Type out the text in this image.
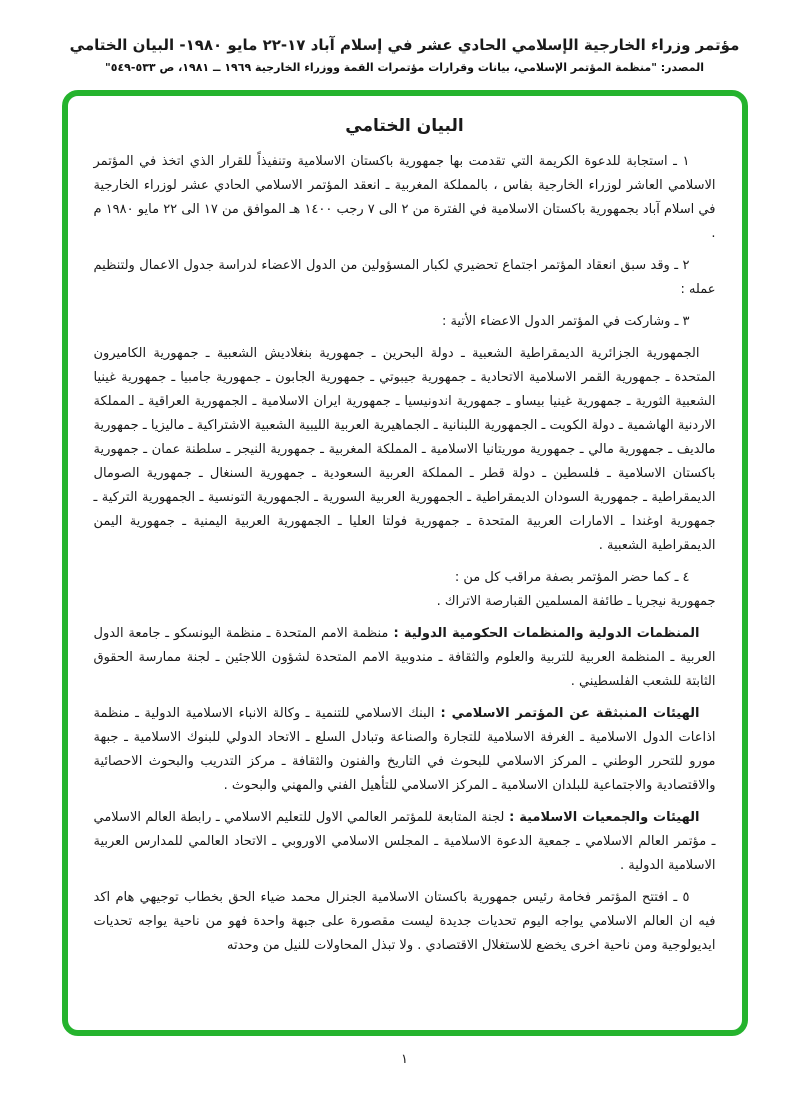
مؤتمر وزراء الخارجية الإسلامي الحادي عشر في إسلام آباد ١٧-٢٢ مايو ١٩٨٠- البيان الختامي
المصدر: "منظمة المؤتمر الإسلامي، بيانات وقرارات مؤتمرات القمة ووزراء الخارجية ١٩٦٩ ــ ١٩٨١، ص ٥٣٣-٥٤٩"
البيان الختامي

١ ـ استجابة للدعوة الكريمة التي تقدمت بها جمهورية باكستان الاسلامية وتنفيذاً للقرار الذي اتخذ في المؤتمر الاسلامي العاشر لوزراء الخارجية بفاس ، بالمملكة المغربية ـ انعقد المؤتمر الاسلامي الحادي عشر لوزراء الخارجية في اسلام آباد بجمهورية باكستان الاسلامية في الفترة من ٢ الى ٧ رجب ١٤٠٠ هـ الموافق من ١٧ الى ٢٢ مايو ١٩٨٠ م .

٢ ـ وقد سبق انعقاد المؤتمر اجتماع تحضيري لكبار المسؤولين من الدول الاعضاء لدراسة جدول الاعمال ولتنظيم عمله :

٣ ـ وشاركت في المؤتمر الدول الاعضاء الأتية :

الجمهورية الجزائرية الديمقراطية الشعبية ـ دولة البحرين ـ جمهورية بنغلاديش الشعبية ـ جمهورية الكاميرون المتحدة ـ جمهورية القمر الاسلامية الاتحادية ـ جمهورية جيبوتي ـ جمهورية الجابون ـ جمهورية جامبيا ـ جمهورية غينيا الشعبية الثورية ـ جمهورية غينيا بيساو ـ جمهورية اندونيسيا ـ جمهورية ايران الاسلامية ـ الجمهورية العراقية ـ المملكة الاردنية الهاشمية ـ دولة الكويت ـ الجمهورية اللبنانية ـ الجماهيرية العربية الليبية الشعبية الاشتراكية ـ ماليزيا ـ جمهورية مالديف ـ جمهورية مالي ـ جمهورية موريتانيا الاسلامية ـ المملكة المغربية ـ جمهورية النيجر ـ سلطنة عمان ـ جمهورية باكستان الاسلامية ـ فلسطين ـ دولة قطر ـ المملكة العربية السعودية ـ جمهورية السنغال ـ جمهورية الصومال الديمقراطية ـ جمهورية السودان الديمقراطية ـ الجمهورية العربية السورية ـ الجمهورية التونسية ـ الجمهورية التركية ـ جمهورية اوغندا ـ الامارات العربية المتحدة ـ جمهورية فولتا العليا ـ الجمهورية العربية اليمنية ـ جمهورية اليمن الديمقراطية الشعبية .

٤ ـ كما حضر المؤتمر بصفة مراقب كل من :

جمهورية نيجريا ـ طائفة المسلمين القبارصة الاتراك .

المنظمات الدولية والمنظمات الحكومية الدولية : منظمة الامم المتحدة ـ منظمة اليونسكو ـ جامعة الدول العربية ـ المنظمة العربية للتربية والعلوم والثقافة ـ مندوبية الامم المتحدة لشؤون اللاجئين ـ لجنة ممارسة الحقوق الثابتة للشعب الفلسطيني .

الهيئات المنبثقة عن المؤتمر الاسلامي : البنك الاسلامي للتنمية ـ وكالة الانباء الاسلامية الدولية ـ منظمة اذاعات الدول الاسلامية ـ الغرفة الاسلامية للتجارة والصناعة وتبادل السلع ـ الاتحاد الدولي للبنوك الاسلامية ـ جبهة مورو للتحرر الوطني ـ المركز الاسلامي للبحوث في التاريخ والفنون والثقافة ـ مركز التدريب والبحوث الاحصائية والاقتصادية والاجتماعية للبلدان الاسلامية ـ المركز الاسلامي للتأهيل الفني والمهني والبحوث .

الهيئات والجمعيات الاسلامية : لجنة المتابعة للمؤتمر العالمي الاول للتعليم الاسلامي ـ رابطة العالم الاسلامي ـ مؤتمر العالم الاسلامي ـ جمعية الدعوة الاسلامية ـ المجلس الاسلامي الاوروبي ـ الاتحاد العالمي للمدارس العربية الاسلامية الدولية .

٥ ـ افتتح المؤتمر فخامة رئيس جمهورية باكستان الاسلامية الجنرال محمد ضياء الحق بخطاب توجيهي هام اكد فيه ان العالم الاسلامي يواجه اليوم تحديات جديدة ليست مقصورة على جبهة واحدة فهو من ناحية يواجه تحديات ايديولوجية ومن ناحية اخرى يخضع للاستغلال الاقتصادي . ولا تبذل المحاولات للنيل من وحدته

١
